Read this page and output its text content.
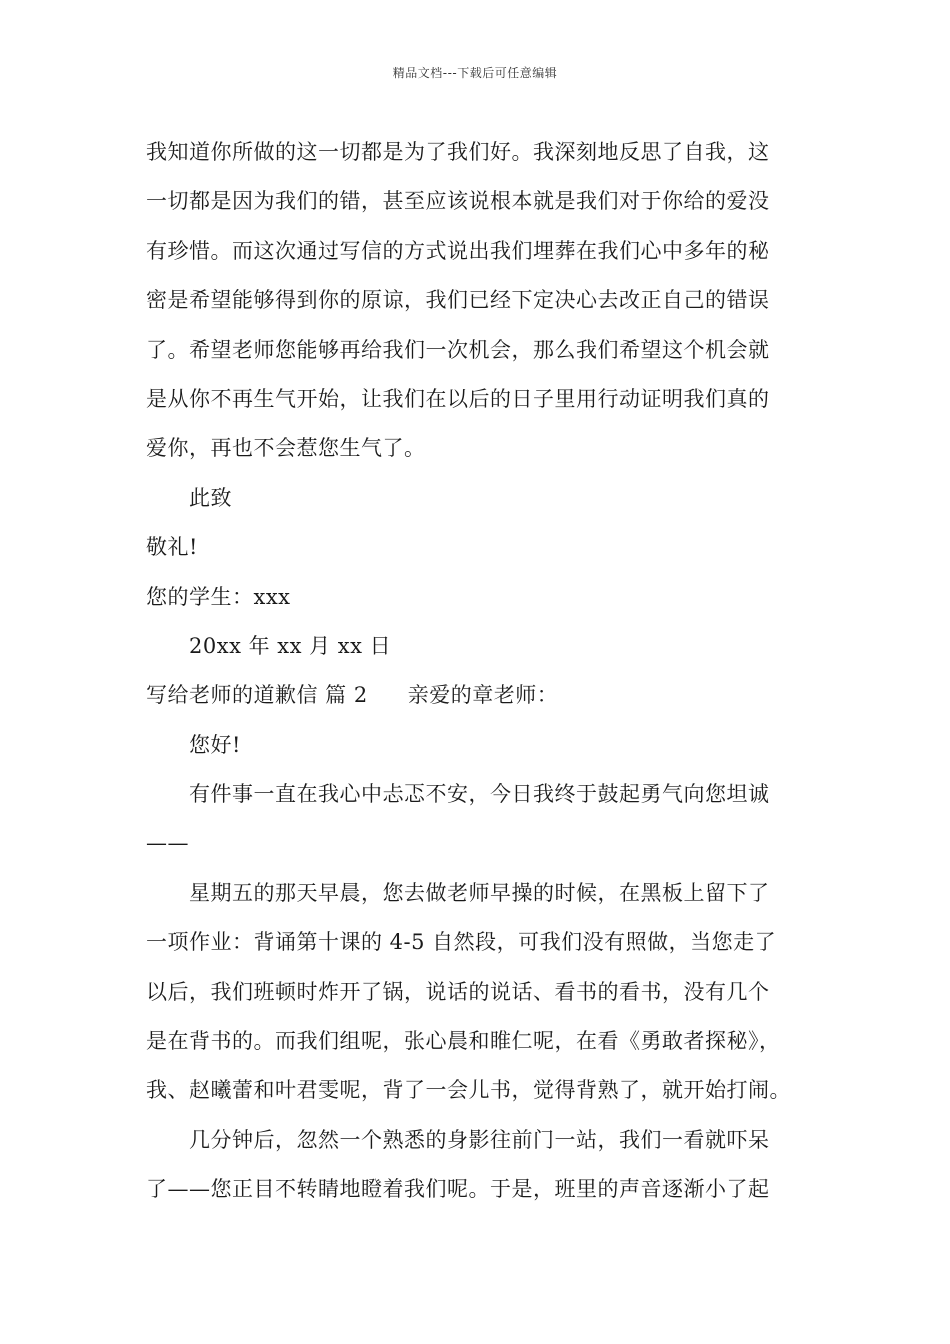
精品文档---下载后可任意编辑
我知道你所做的这一切都是为了我们好。我深刻地反思了自我，这
一切都是因为我们的错，甚至应该说根本就是我们对于你给的爱没
有珍惜。而这次通过写信的方式说出我们埋葬在我们心中多年的秘
密是希望能够得到你的原谅，我们已经下定决心去改正自己的错误
了。希望老师您能够再给我们一次机会，那么我们希望这个机会就
是从你不再生气开始，让我们在以后的日子里用行动证明我们真的
爱你，再也不会惹您生气了。
此致
敬礼!
您的学生：xxx
20xx 年 xx 月 xx 日
写给老师的道歉信 篇 2 亲爱的章老师：
您好!
有件事一直在我心中忐忑不安，今日我终于鼓起勇气向您坦诚
——
星期五的那天早晨，您去做老师早操的时候，在黑板上留下了
一项作业：背诵第十课的 4-5 自然段，可我们没有照做，当您走了
以后，我们班顿时炸开了锅，说话的说话、看书的看书，没有几个
是在背书的。而我们组呢，张心晨和睢仁呢，在看《勇敢者探秘》，
我、赵曦蕾和叶君雯呢，背了一会儿书，觉得背熟了，就开始打闹。
几分钟后，忽然一个熟悉的身影往前门一站，我们一看就吓呆
了——您正目不转睛地瞪着我们呢。于是，班里的声音逐渐小了起
